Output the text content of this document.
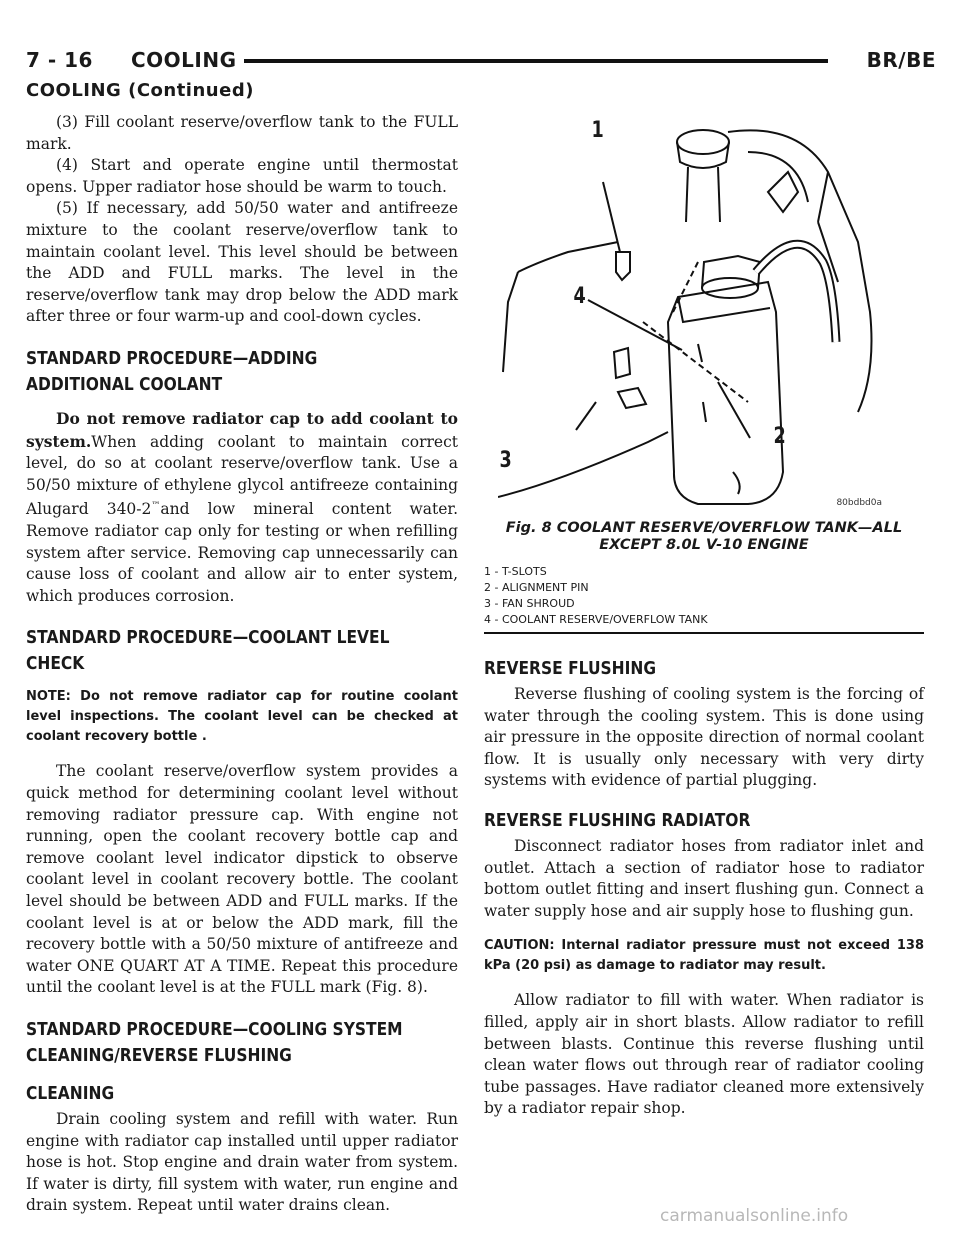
7 - 16 COOLING	BR/BE
COOLING (Continued)

(3) Fill coolant reserve/overflow tank to the FULL mark.

(4) Start and operate engine until thermostat opens. Upper radiator hose should be warm to touch.

(5) If necessary, add 50/50 water and antifreeze mixture to the coolant reserve/overflow tank to maintain coolant level. This level should be between the ADD and FULL marks. The level in the reserve/overflow tank may drop below the ADD mark after three or four warm-up and cool-down cycles.

STANDARD PROCEDURE—ADDING ADDITIONAL COOLANT

Do not remove radiator cap to add coolant to system.When adding coolant to maintain correct level, do so at coolant reserve/overflow tank. Use a 50/50 mixture of ethylene glycol antifreeze containing Alugard 340-2™and low mineral content water. Remove radiator cap only for testing or when refilling system after service. Removing cap unnecessarily can cause loss of coolant and allow air to enter system, which produces corrosion.

STANDARD PROCEDURE—COOLANT LEVEL CHECK

NOTE: Do not remove radiator cap for routine coolant level inspections. The coolant level can be checked at coolant recovery bottle .

The coolant reserve/overflow system provides a quick method for determining coolant level without removing radiator pressure cap. With engine not running, open the coolant recovery bottle cap and remove coolant level indicator dipstick to observe coolant level in coolant recovery bottle. The coolant level should be between ADD and FULL marks. If the coolant level is at or below the ADD mark, fill the recovery bottle with a 50/50 mixture of antifreeze and water ONE QUART AT A TIME. Repeat this procedure until the coolant level is at the FULL mark (Fig. 8).

STANDARD PROCEDURE—COOLING SYSTEM CLEANING/REVERSE FLUSHING
CLEANING

Drain cooling system and refill with water. Run engine with radiator cap installed until upper radiator hose is hot. Stop engine and drain water from system. If water is dirty, fill system with water, run engine and drain system. Repeat until water drains clean.

1
2
3
4
80bdbd0a
Fig. 8 COOLANT RESERVE/OVERFLOW TANK—ALL EXCEPT 8.0L V-10 ENGINE
1 - T-SLOTS
2 - ALIGNMENT PIN
3 - FAN SHROUD
4 - COOLANT RESERVE/OVERFLOW TANK
REVERSE FLUSHING

Reverse flushing of cooling system is the forcing of water through the cooling system. This is done using air pressure in the opposite direction of normal coolant flow. It is usually only necessary with very dirty systems with evidence of partial plugging.

REVERSE FLUSHING RADIATOR

Disconnect radiator hoses from radiator inlet and outlet. Attach a section of radiator hose to radiator bottom outlet fitting and insert flushing gun. Connect a water supply hose and air supply hose to flushing gun.

CAUTION: Internal radiator pressure must not exceed 138 kPa (20 psi) as damage to radiator may result.

Allow radiator to fill with water. When radiator is filled, apply air in short blasts. Allow radiator to refill between blasts. Continue this reverse flushing until clean water flows out through rear of radiator cooling tube passages. Have radiator cleaned more extensively by a radiator repair shop.

carmanualsonline.info
